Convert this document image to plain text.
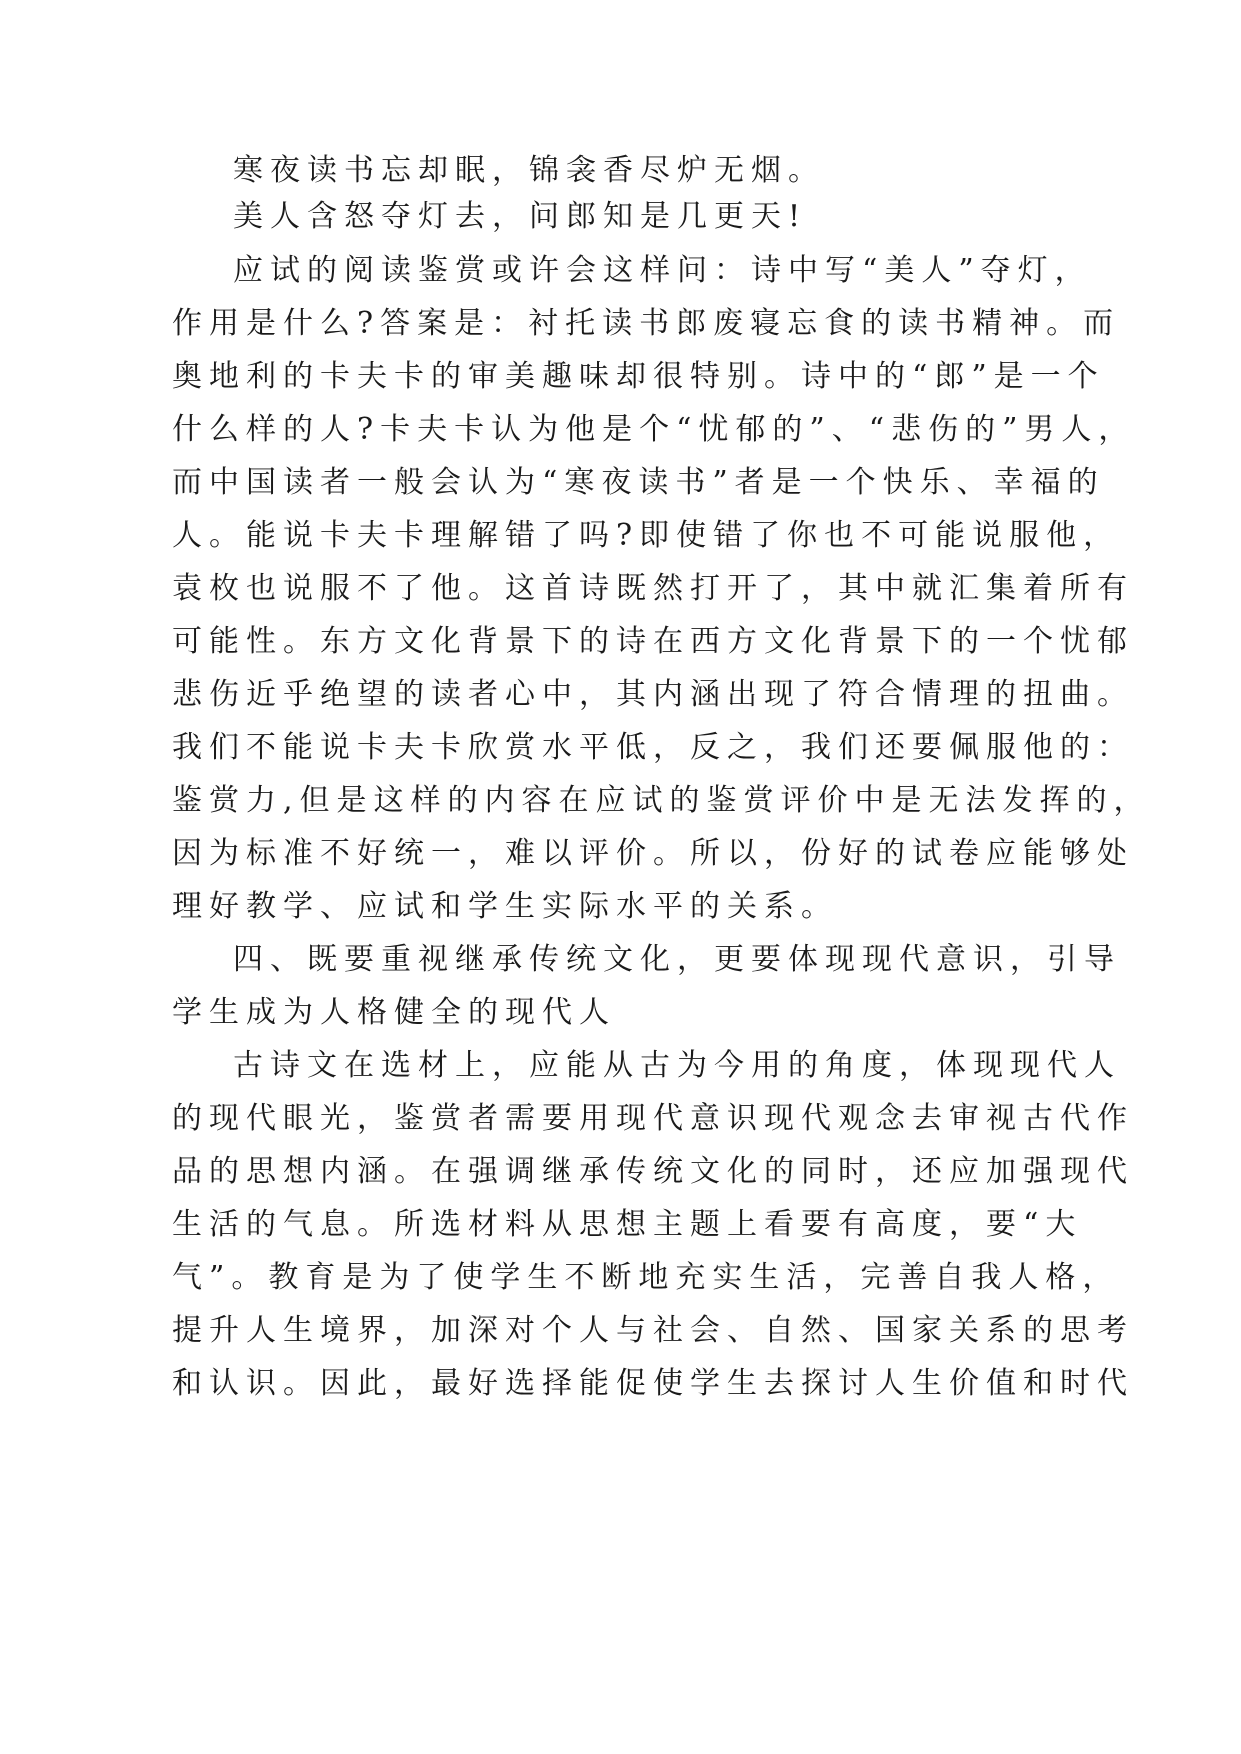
寒夜读书忘却眠，锦衾香尽炉无烟。
美人含怒夺灯去，问郎知是几更天!
应试的阅读鉴赏或许会这样问：诗中写“美人”夺灯，
作用是什么?答案是：衬托读书郎废寝忘食的读书精神。而
奥地利的卡夫卡的审美趣味却很特别。诗中的“郎”是一个
什么样的人?卡夫卡认为他是个“忧郁的”、“悲伤的”男人，
而中国读者一般会认为“寒夜读书”者是一个快乐、幸福的
人。能说卡夫卡理解错了吗?即使错了你也不可能说服他，
袁枚也说服不了他。这首诗既然打开了，其中就汇集着所有
可能性。东方文化背景下的诗在西方文化背景下的一个忧郁
悲伤近乎绝望的读者心中，其内涵出现了符合情理的扭曲。
我们不能说卡夫卡欣赏水平低，反之，我们还要佩服他的：
鉴赏力,但是这样的内容在应试的鉴赏评价中是无法发挥的，
因为标准不好统一，难以评价。所以，份好的试卷应能够处
理好教学、应试和学生实际水平的关系。
四、既要重视继承传统文化，更要体现现代意识，引导
学生成为人格健全的现代人
古诗文在选材上，应能从古为今用的角度，体现现代人
的现代眼光，鉴赏者需要用现代意识现代观念去审视古代作
品的思想内涵。在强调继承传统文化的同时，还应加强现代
生活的气息。所选材料从思想主题上看要有高度，要“大
气”。教育是为了使学生不断地充实生活，完善自我人格，
提升人生境界，加深对个人与社会、自然、国家关系的思考
和认识。因此，最好选择能促使学生去探讨人生价值和时代
